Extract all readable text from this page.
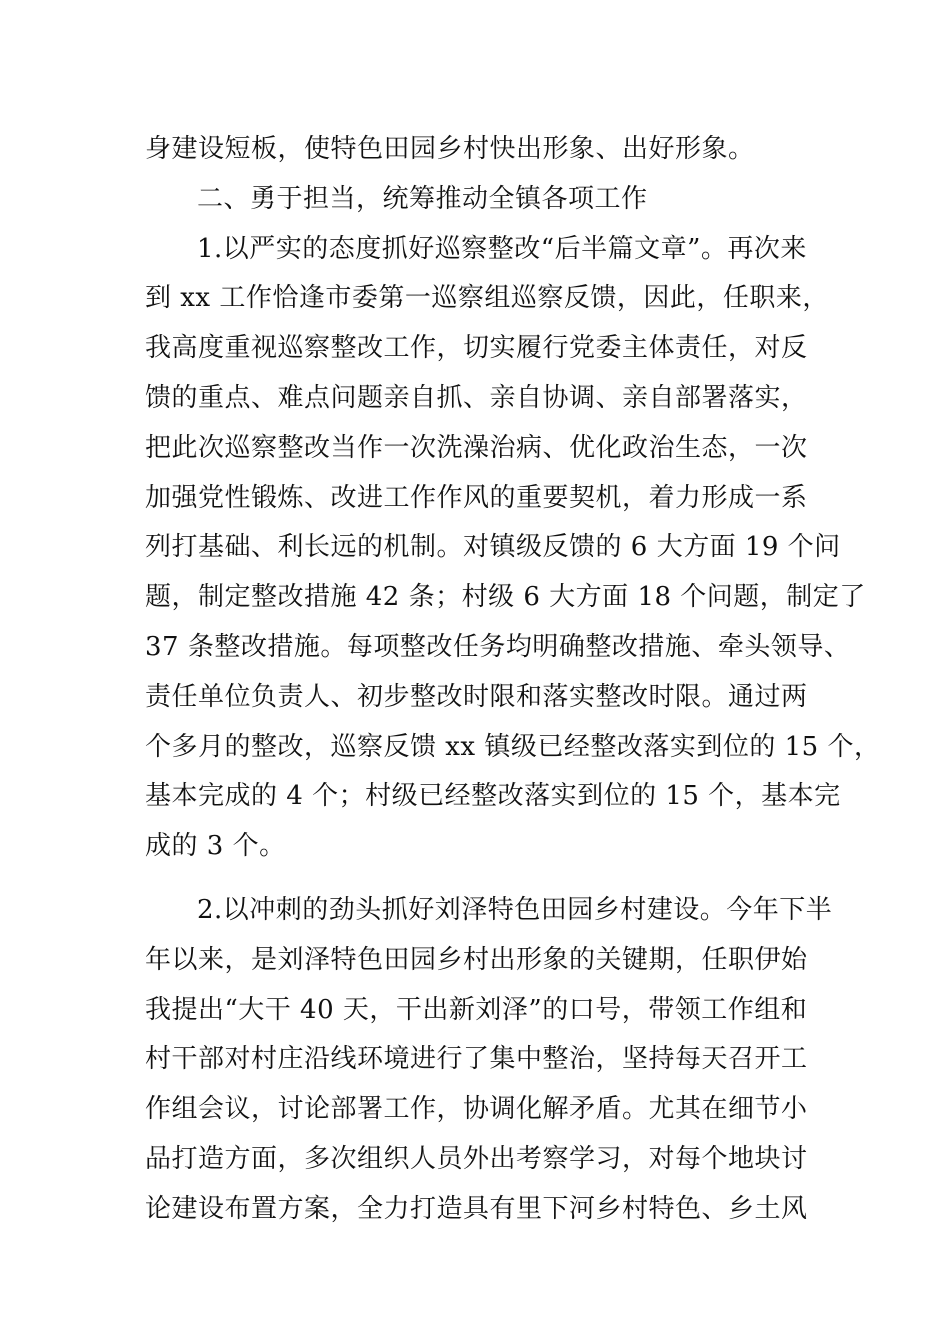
身建设短板，使特色田园乡村快出形象、出好形象。
二、勇于担当，统筹推动全镇各项工作
1.以严实的态度抓好巡察整改“后半篇文章”。再次来
到 xx 工作恰逢市委第一巡察组巡察反馈，因此，任职来，
我高度重视巡察整改工作，切实履行党委主体责任，对反
馈的重点、难点问题亲自抓、亲自协调、亲自部署落实，
把此次巡察整改当作一次洗澡治病、优化政治生态，一次
加强党性锻炼、改进工作作风的重要契机，着力形成一系
列打基础、利长远的机制。对镇级反馈的 6 大方面 19 个问
题，制定整改措施 42 条；村级 6 大方面 18 个问题，制定了
37 条整改措施。每项整改任务均明确整改措施、牵头领导、
责任单位负责人、初步整改时限和落实整改时限。通过两
个多月的整改，巡察反馈 xx 镇级已经整改落实到位的 15 个，
基本完成的 4 个；村级已经整改落实到位的 15 个，基本完
成的 3 个。
2.以冲刺的劲头抓好刘泽特色田园乡村建设。今年下半
年以来，是刘泽特色田园乡村出形象的关键期，任职伊始
我提出“大干 40 天，干出新刘泽”的口号，带领工作组和
村干部对村庄沿线环境进行了集中整治，坚持每天召开工
作组会议，讨论部署工作，协调化解矛盾。尤其在细节小
品打造方面，多次组织人员外出考察学习，对每个地块讨
论建设布置方案，全力打造具有里下河乡村特色、乡土风
